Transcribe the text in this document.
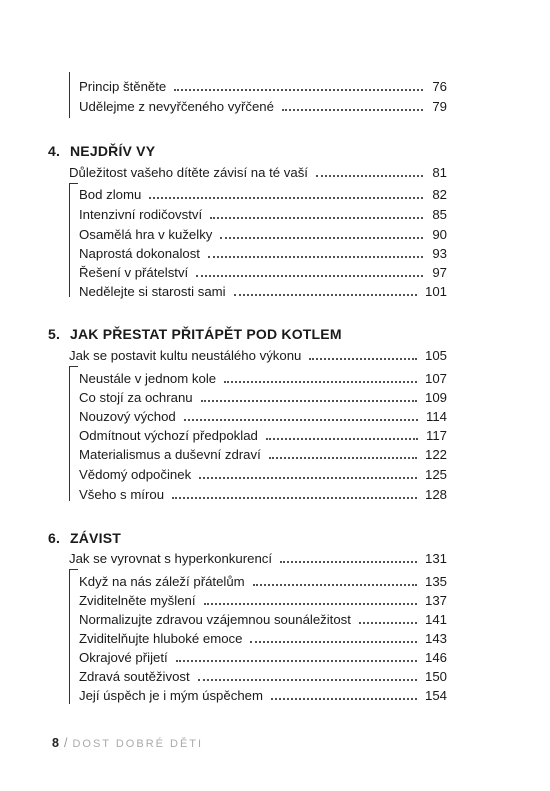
Princip štěněte	76
Udělejme z nevyřčeného vyřčené	79
4. NEJDŘÍV VY
Důležitost vašeho dítěte závisí na té vaší	81
Bod zlomu	82
Intenzivní rodičovství	85
Osamělá hra v kuželky	90
Naprostá dokonalost	93
Řešení v přátelství	97
Nedělejte si starosti sami	101
5. JAK PŘESTAT PŘITÁPĚT POD KOTLEM
Jak se postavit kultu neustálého výkonu	105
Neustále v jednom kole	107
Co stojí za ochranu	109
Nouzový východ	114
Odmítnout výchozí předpoklad	117
Materialismus a duševní zdraví	122
Vědomý odpočinek	125
Všeho s mírou	128
6. ZÁVIST
Jak se vyrovnat s hyperkonkurencí	131
Když na nás záleží přátelům	135
Zviditelněte myšlení	137
Normalizujte zdravou vzájemnou sounáležitost	141
Zviditelňujte hluboké emoce	143
Okrajové přijetí	146
Zdravá soutěživost	150
Její úspěch je i mým úspěchem	154
8 / DOST DOBRÉ DĚTI
